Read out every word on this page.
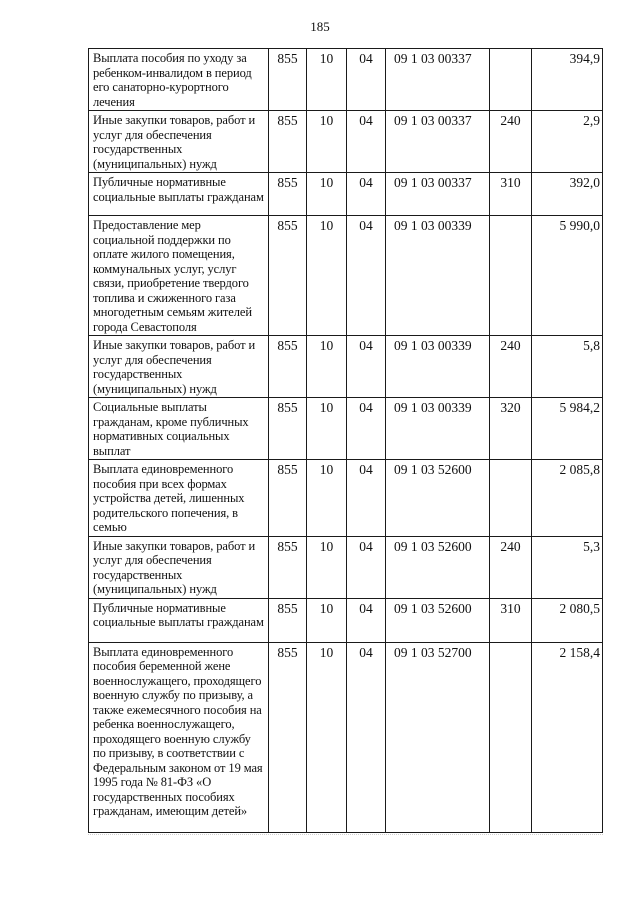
185
Выплата пособия по уходу за ребенком-инвалидом в период его санаторно-курортного лечения	855	10	04	09 1 03 00337		394,9
Иные закупки товаров, работ и услуг для обеспечения государственных (муниципальных) нужд	855	10	04	09 1 03 00337	240	2,9
Публичные нормативные социальные выплаты гражданам	855	10	04	09 1 03 00337	310	392,0
Предоставление мер социальной поддержки по оплате жилого помещения, коммунальных услуг, услуг связи, приобретение твердого топлива и сжиженного газа многодетным семьям жителей города Севастополя	855	10	04	09 1 03 00339		5 990,0
Иные закупки товаров, работ и услуг для обеспечения государственных (муниципальных) нужд	855	10	04	09 1 03 00339	240	5,8
Социальные выплаты гражданам, кроме публичных нормативных социальных выплат	855	10	04	09 1 03 00339	320	5 984,2
Выплата единовременного пособия при всех формах устройства детей, лишенных родительского попечения, в семью	855	10	04	09 1 03 52600		2 085,8
Иные закупки товаров, работ и услуг для обеспечения государственных (муниципальных) нужд	855	10	04	09 1 03 52600	240	5,3
Публичные нормативные социальные выплаты гражданам	855	10	04	09 1 03 52600	310	2 080,5
Выплата единовременного пособия беременной жене военнослужащего, проходящего военную службу по призыву, а также ежемесячного пособия на ребенка военнослужащего, проходящего военную службу по призыву, в соответствии с Федеральным законом от 19 мая 1995 года № 81-ФЗ «О государственных пособиях гражданам, имеющим детей»	855	10	04	09 1 03 52700		2 158,4
